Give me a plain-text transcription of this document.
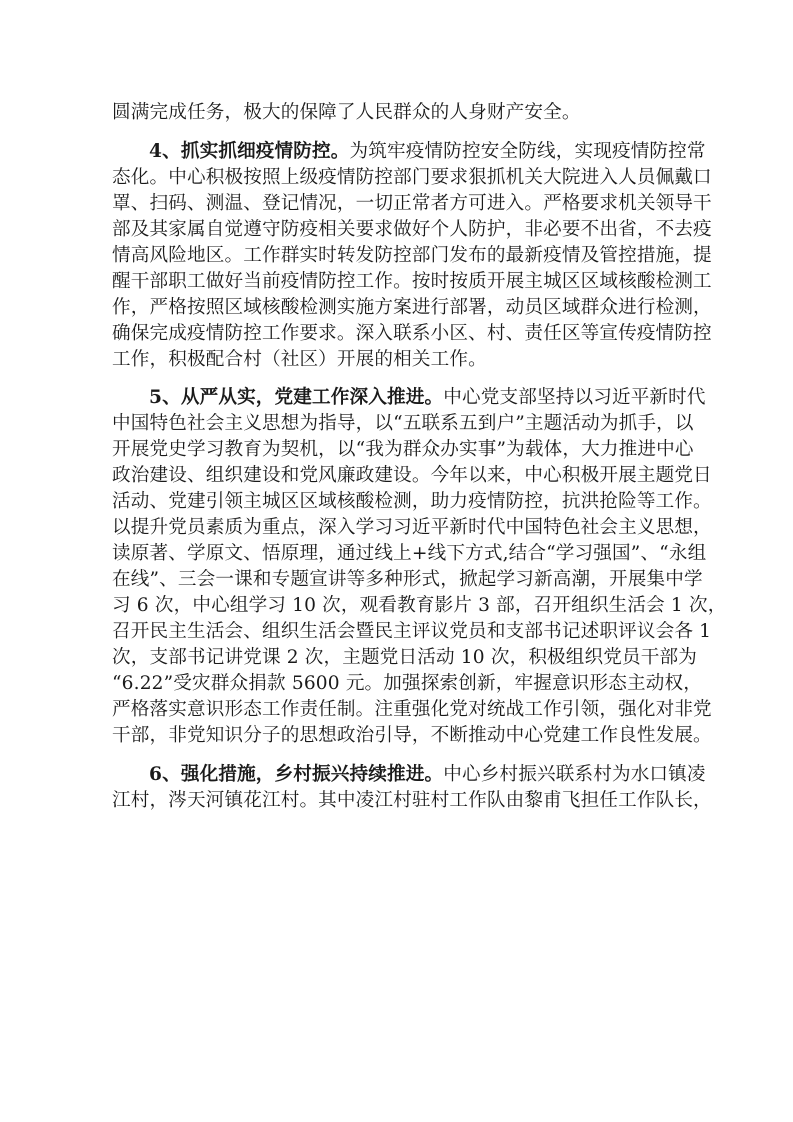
圆满完成任务，极大的保障了人民群众的人身财产安全。

4、抓实抓细疫情防控。为筑牢疫情防控安全防线，实现疫情防控常

态化。中心积极按照上级疫情防控部门要求狠抓机关大院进入人员佩戴口

罩、扫码、测温、登记情况，一切正常者方可进入。严格要求机关领导干

部及其家属自觉遵守防疫相关要求做好个人防护，非必要不出省，不去疫

情高风险地区。工作群实时转发防控部门发布的最新疫情及管控措施，提

醒干部职工做好当前疫情防控工作。按时按质开展主城区区域核酸检测工

作，严格按照区域核酸检测实施方案进行部署，动员区域群众进行检测，

确保完成疫情防控工作要求。深入联系小区、村、责任区等宣传疫情防控

工作，积极配合村（社区）开展的相关工作。

5、从严从实，党建工作深入推进。中心党支部坚持以习近平新时代

中国特色社会主义思想为指导，以“五联系五到户”主题活动为抓手，以

开展党史学习教育为契机，以“我为群众办实事”为载体，大力推进中心

政治建设、组织建设和党风廉政建设。今年以来，中心积极开展主题党日

活动、党建引领主城区区域核酸检测，助力疫情防控，抗洪抢险等工作。

以提升党员素质为重点，深入学习习近平新时代中国特色社会主义思想，

读原著、学原文、悟原理，通过线上+线下方式,结合“学习强国”、“永组

在线”、三会一课和专题宣讲等多种形式，掀起学习新高潮，开展集中学

习 6 次，中心组学习 10 次，观看教育影片 3 部，召开组织生活会 1 次，

召开民主生活会、组织生活会暨民主评议党员和支部书记述职评议会各 1

次，支部书记讲党课 2 次，主题党日活动 10 次，积极组织党员干部为

“6.22”受灾群众捐款 5600 元。加强探索创新，牢握意识形态主动权，

严格落实意识形态工作责任制。注重强化党对统战工作引领，强化对非党

干部，非党知识分子的思想政治引导，不断推动中心党建工作良性发展。

6、强化措施，乡村振兴持续推进。中心乡村振兴联系村为水口镇凌

江村，涔天河镇花江村。其中凌江村驻村工作队由黎甫飞担任工作队长，
